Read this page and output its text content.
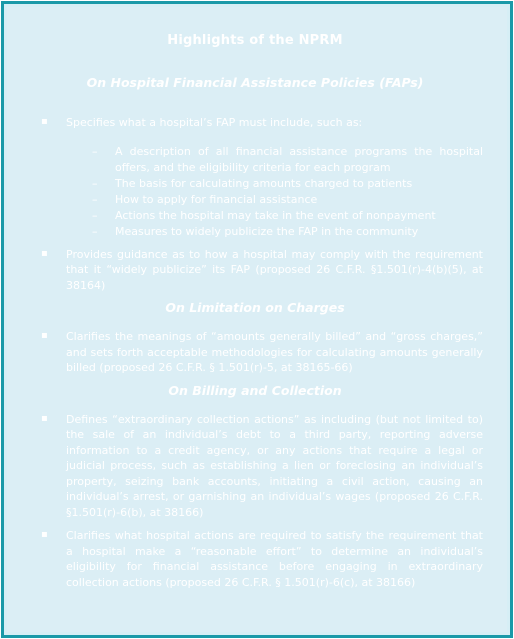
Highlights of the NPRM
On Hospital Financial Assistance Policies (FAPs)
▪ Specifies what a hospital’s FAP must include, such as:
– A description of all financial assistance programs the hospital offers, and the eligibility criteria for each program
– The basis for calculating amounts charged to patients
– How to apply for financial assistance
– Actions the hospital may take in the event of nonpayment
– Measures to widely publicize the FAP in the community
▪ Provides guidance as to how a hospital may comply with the requirement that it “widely publicize” its FAP (proposed 26 C.F.R. §1.501(r)-4(b)(5), at 38164)
On Limitation on Charges
▪ Clarifies the meanings of “amounts generally billed” and “gross charges,” and sets forth acceptable methodologies for calculating amounts generally billed (proposed 26 C.F.R. § 1.501(r)-5, at 38165-66)
On Billing and Collection
▪ Defines “extraordinary collection actions” as including (but not limited to) the sale of an individual’s debt to a third party, reporting adverse information to a credit agency, or any actions that require a legal or judicial process, such as establishing a lien or foreclosing an individual’s property, seizing bank accounts, initiating a civil action, causing an individual’s arrest, or garnishing an individual’s wages (proposed 26 C.F.R. §1.501(r)-6(b), at 38166)
▪ Clarifies what hospital actions are required to satisfy the requirement that a hospital make a “reasonable effort” to determine an individual’s eligibility for financial assistance before engaging in extraordinary collection actions (proposed 26 C.F.R. § 1.501(r)-6(c), at 38166)
